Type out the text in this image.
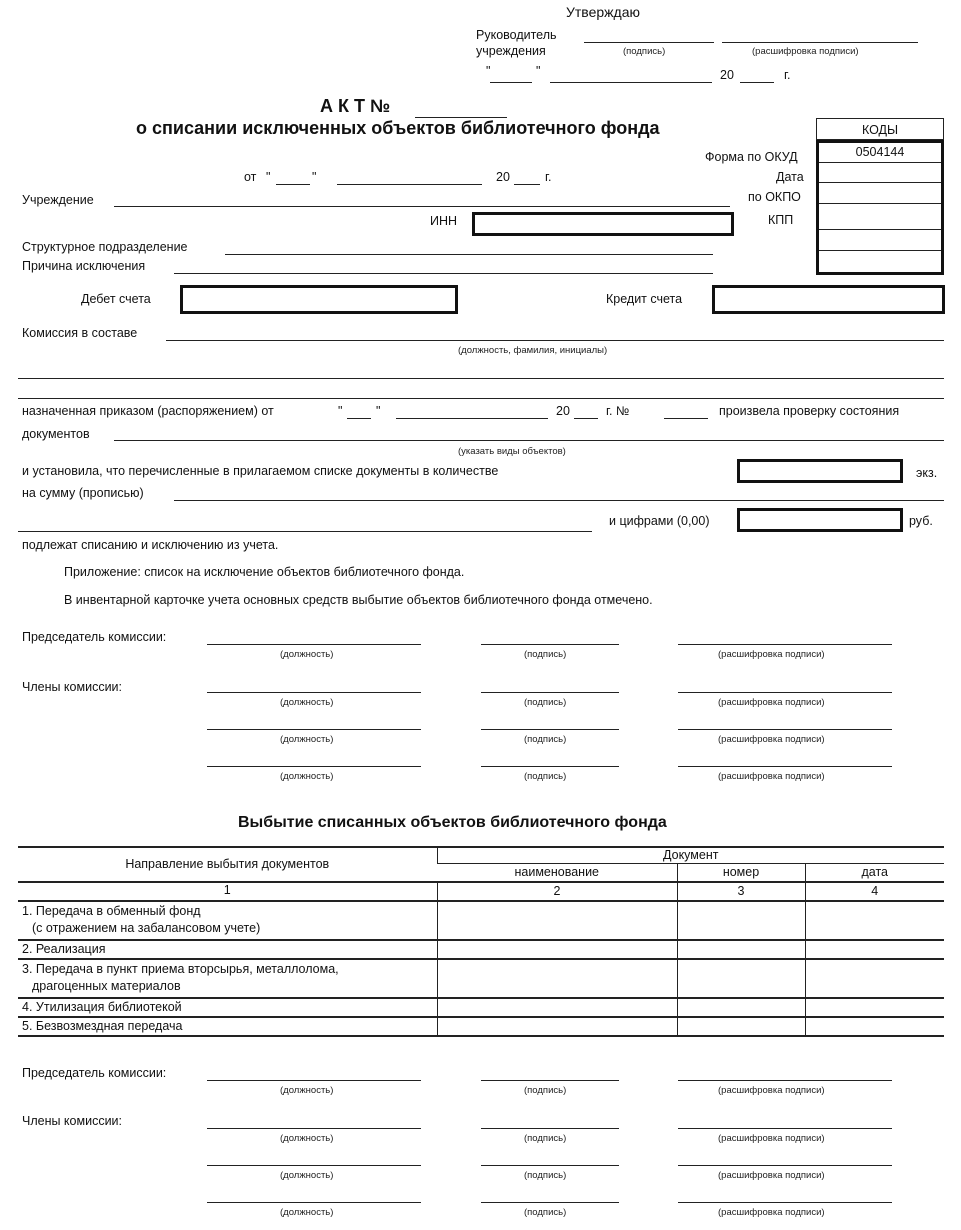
Утверждаю
Руководитель
учреждения	(подпись)	(расшифровка подписи)
"	"	20	г.
А К Т №
о списании исключенных объектов библиотечного фонда
от "	"	20	г.
Форма по ОКУД
Дата
по ОКПО
КПП
КОДЫ
0504144
Учреждение
ИНН
Структурное подразделение
Причина исключения
Дебет счета	Кредит счета
Комиссия в составе
(должность, фамилия, инициалы)
назначенная приказом (распоряжением) от	"	"	20	г. №	произвела проверку состояния
документов
(указать виды объектов)
и установила, что перечисленные в прилагаемом списке документы в количестве	экз.
на сумму (прописью)
и цифрами (0,00)	руб.
подлежат списанию и исключению из учета.
Приложение: список на исключение объектов библиотечного фонда.
В инвентарной карточке учета основных средств выбытие объектов библиотечного фонда отмечено.
Председатель комиссии:
Члены комиссии:
(должность)	(подпись)	(расшифровка подписи)
(должность)	(подпись)	(расшифровка подписи)
(должность)	(подпись)	(расшифровка подписи)
(должность)	(подпись)	(расшифровка подписи)
Выбытие списанных объектов библиотечного фонда
Направление выбытия документов	Документ		
	наименование	номер	дата
1	2	3	4

1. Передача в обменный фонд
(с отражением на забалансовом учете)			

2. Реализация			

3. Передача в пункт приема вторсырья, металлолома,
драгоценных материалов			

4. Утилизация библиотекой			
5. Безвозмездная передача			
Председатель комиссии:
Члены комиссии:
(должность)	(подпись)	(расшифровка подписи)
(должность)	(подпись)	(расшифровка подписи)
(должность)	(подпись)	(расшифровка подписи)
(должность)	(подпись)	(расшифровка подписи)
